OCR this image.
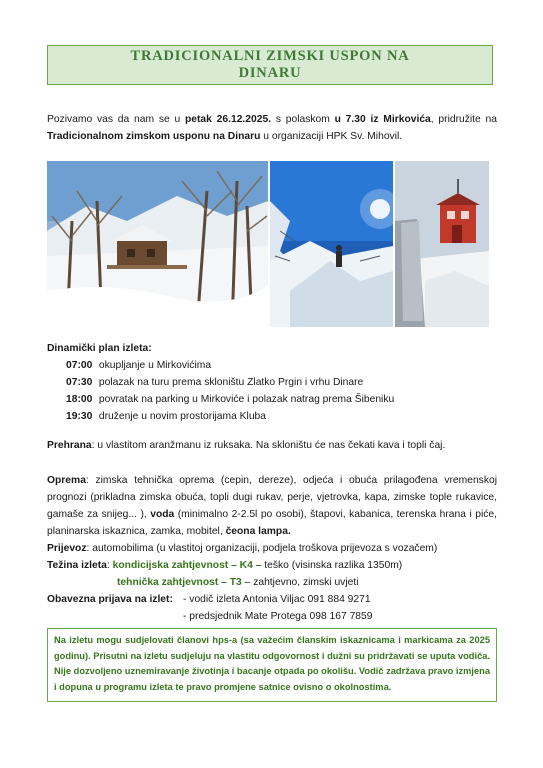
TRADICIONALNI ZIMSKI USPON NA
DINARU
Pozivamo vas da nam se u petak 26.12.2025. s polaskom u 7.30 iz Mirkovića, pridružite na Tradicionalnom zimskom usponu na Dinaru u organizaciji HPK Sv. Mihovil.
Dinamički plan izleta:
07:00 okupljanje u Mirkovićima
07:30 polazak na turu prema skloništu Zlatko Prgin i vrhu Dinare
18:00 povratak na parking u Mirkoviće i polazak natrag prema Šibeniku
19:30 druženje u novim prostorijama Kluba
Prehrana: u vlastitom aranžmanu iz ruksaka. Na skloništu će nas čekati kava i topli čaj.
Oprema: zimska tehnička oprema (cepin, dereze), odjeća i obuća prilagođena vremenskoj prognozi (prikladna zimska obuća, topli dugi rukav, perje, vjetrovka, kapa, zimske tople rukavice, gamaše za snijeg... ), voda (minimalno 2-2.5l po osobi), štapovi, kabanica, terenska hrana i piće, planinarska iskaznica, zamka, mobitel, čeona lampa.
Prijevoz: automobilima (u vlastitoj organizaciji, podjela troškova prijevoza s vozačem)
Težina izleta: kondicijska zahtjevnost – K4 – teško (visinska razlika 1350m)
tehnička zahtjevnost – T3 – zahtjevno, zimski uvjeti
Obavezna prijava na izlet: - vodič izleta Antonia Viljac 091 884 9271
- predsjednik Mate Protega 098 167 7859
Na izletu mogu sudjelovati članovi hps-a (sa važećim članskim iskaznicama i markicama za 2025 godinu). Prisutni na izletu sudjeluju na vlastitu odgovornost i dužni su pridržavati se uputa vodiča. Nije dozvoljeno uznemiravanje životinja i bacanje otpada po okolišu. Vodič zadržava pravo izmjena i dopuna u programu izleta te pravo promjene satnice ovisno o okolnostima.
